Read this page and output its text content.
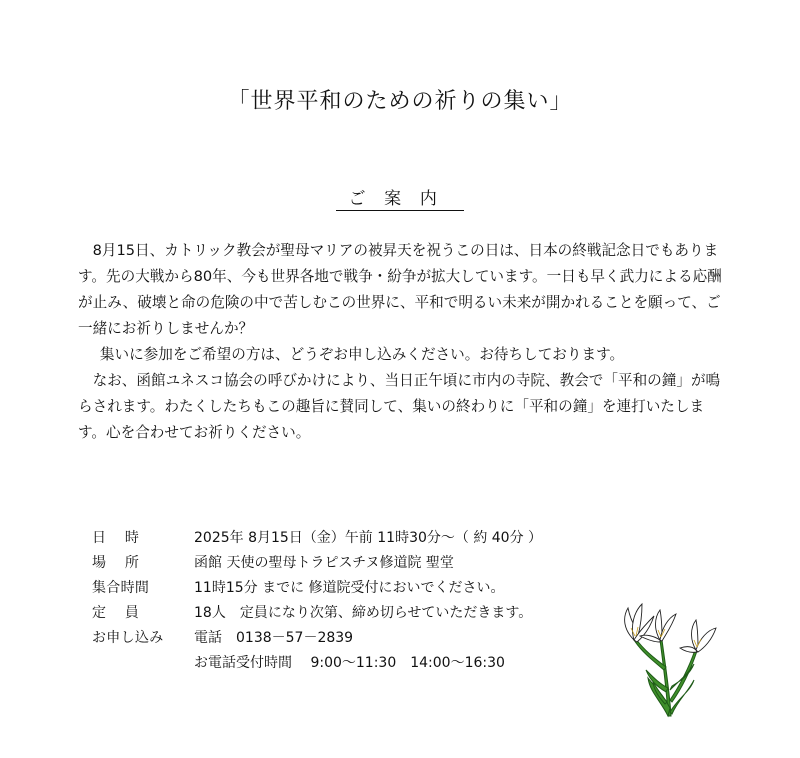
「世界平和のための祈りの集い」
ご案内

8月15日、カトリック教会が聖母マリアの被昇天を祝うこの日は、日本の終戦記念日でもあります。先の大戦から80年、今も世界各地で戦争・紛争が拡大しています。一日も早く武力による応酬が止み、破壊と命の危険の中で苦しむこの世界に、平和で明るい未来が開かれることを願って、ご一緒にお祈りしませんか？

集いに参加をご希望の方は、どうぞお申し込みください。お待ちしております。

なお、函館ユネスコ協会の呼びかけにより、当日正午頃に市内の寺院、教会で「平和の鐘」が鳴らされます。わたくしたちもこの趣旨に賛同して、集いの終わりに「平和の鐘」を連打いたします。心を合わせてお祈りください。

日時	2025年 8月15日（金）午前 11時30分～（ 約 40分 ）
場所	函館 天使の聖母トラピスチヌ修道院 聖堂
集合時間	11時15分 までに 修道院受付においでください。
定員	18人　定員になり次第、締め切らせていただきます。
お申し込み	電話　0138－57－2839
お電話受付時間　 9:00～11:30　14:00～16:30
